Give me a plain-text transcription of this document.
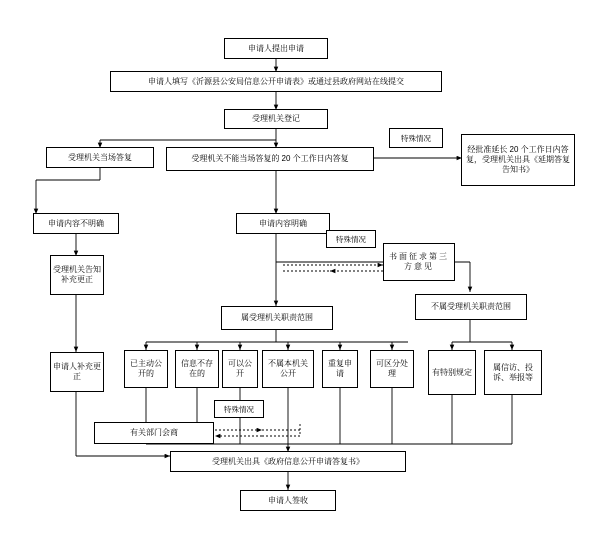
申请人提出申请
申请人填写《沂源县公安局信息公开申请表》或通过县政府网站在线提交
受理机关登记
受理机关当场答复	受理机关不能当场答复的 20 个工作日内答复
特殊情况
经批准延长 20 个工作日内答复，受理机关出具《延期答复告知书》
申请内容不明确	申请内容明确
特殊情况
书面征求第三方意见
受理机关告知补充更正
属受理机关职责范围
不属受理机关职责范围
申请人补充更正
已主动公开的
信息不存在的
可以公开
不属本机关公开
重复申请
可区分处理	有特别规定
属信访、投诉、举报等
特殊情况
有关部门会商
受理机关出具《政府信息公开申请答复书》
申请人签收
